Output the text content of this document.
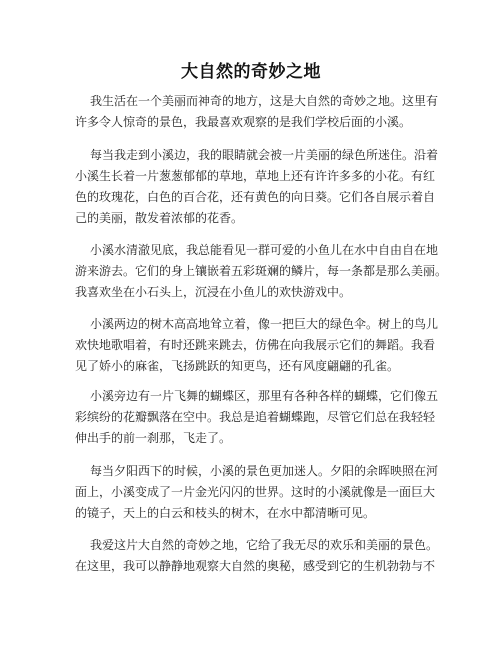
大自然的奇妙之地
我生活在一个美丽而神奇的地方，这是大自然的奇妙之地。这里有
许多令人惊奇的景色，我最喜欢观察的是我们学校后面的小溪。
每当我走到小溪边，我的眼睛就会被一片美丽的绿色所迷住。沿着
小溪生长着一片葱葱郁郁的草地，草地上还有许许多多的小花。有红
色的玫瑰花，白色的百合花，还有黄色的向日葵。它们各自展示着自
己的美丽，散发着浓郁的花香。
小溪水清澈见底，我总能看见一群可爱的小鱼儿在水中自由自在地
游来游去。它们的身上镶嵌着五彩斑斓的鳞片，每一条都是那么美丽。
我喜欢坐在小石头上，沉浸在小鱼儿的欢快游戏中。
小溪两边的树木高高地耸立着，像一把巨大的绿色伞。树上的鸟儿
欢快地歌唱着，有时还跳来跳去，仿佛在向我展示它们的舞蹈。我看
见了娇小的麻雀，飞扬跳跃的知更鸟，还有风度翩翩的孔雀。
小溪旁边有一片飞舞的蝴蝶区，那里有各种各样的蝴蝶，它们像五
彩缤纷的花瓣飘落在空中。我总是追着蝴蝶跑，尽管它们总在我轻轻
伸出手的前一刹那，飞走了。
每当夕阳西下的时候，小溪的景色更加迷人。夕阳的余晖映照在河
面上，小溪变成了一片金光闪闪的世界。这时的小溪就像是一面巨大
的镜子，天上的白云和枝头的树木，在水中都清晰可见。
我爱这片大自然的奇妙之地，它给了我无尽的欢乐和美丽的景色。
在这里，我可以静静地观察大自然的奥秘，感受到它的生机勃勃与不
